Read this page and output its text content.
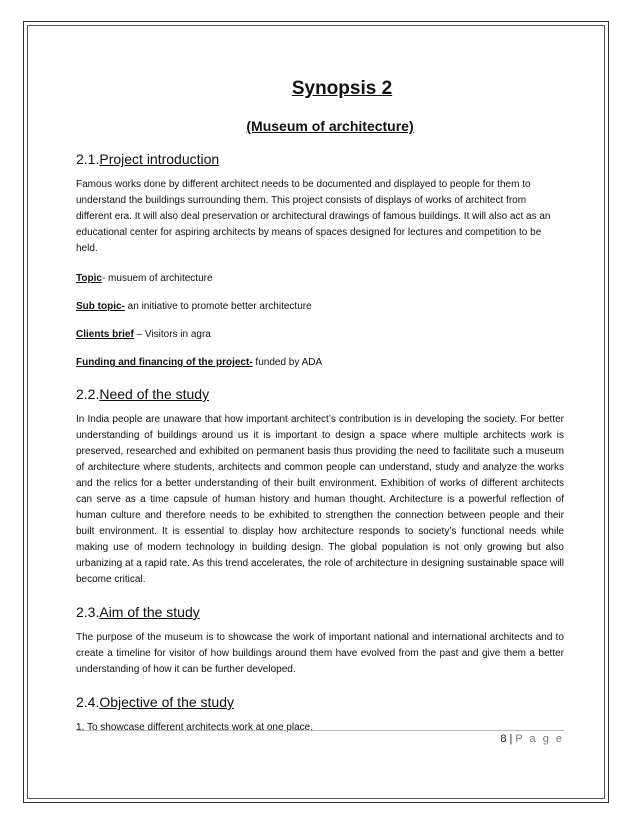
Synopsis 2
(Museum of architecture)
2.1.Project introduction

Famous works done by different architect needs to be documented and displayed to people for them to understand the buildings surrounding them. This project consists of displays of works of architect from different era. It will also deal preservation or architectural drawings of famous buildings. It will also act as an educational center for aspiring architects by means of spaces designed for lectures and competition to be held.

Topic- musuem of architecture

Sub topic- an initiative to promote better architecture

Clients brief – Visitors in agra

Funding and financing of the project- funded by ADA

2.2.Need of the study

In India people are unaware that how important architect’s contribution is in developing the society. For better understanding of buildings around us it is important to design a space where multiple architects work is preserved, researched and exhibited on permanent basis thus providing the need to facilitate such a museum of architecture where students, architects and common people can understand, study and analyze the works and the relics for a better understanding of their built environment. Exhibition of works of different architects can serve as a time capsule of human history and human thought. Architecture is a powerful reflection of human culture and therefore needs to be exhibited to strengthen the connection between people and their built environment. It is essential to display how architecture responds to society’s functional needs while making use of modern technology in building design. The global population is not only growing but also urbanizing at a rapid rate. As this trend accelerates, the role of architecture in designing sustainable space will become critical.

2.3.Aim of the study

The purpose of the museum is to showcase the work of important national and international architects and to create a timeline for visitor of how buildings around them have evolved from the past and give them a better understanding of how it can be further developed.

2.4.Objective of the study

1. To showcase different architects work at one place.

8 | P a g e
